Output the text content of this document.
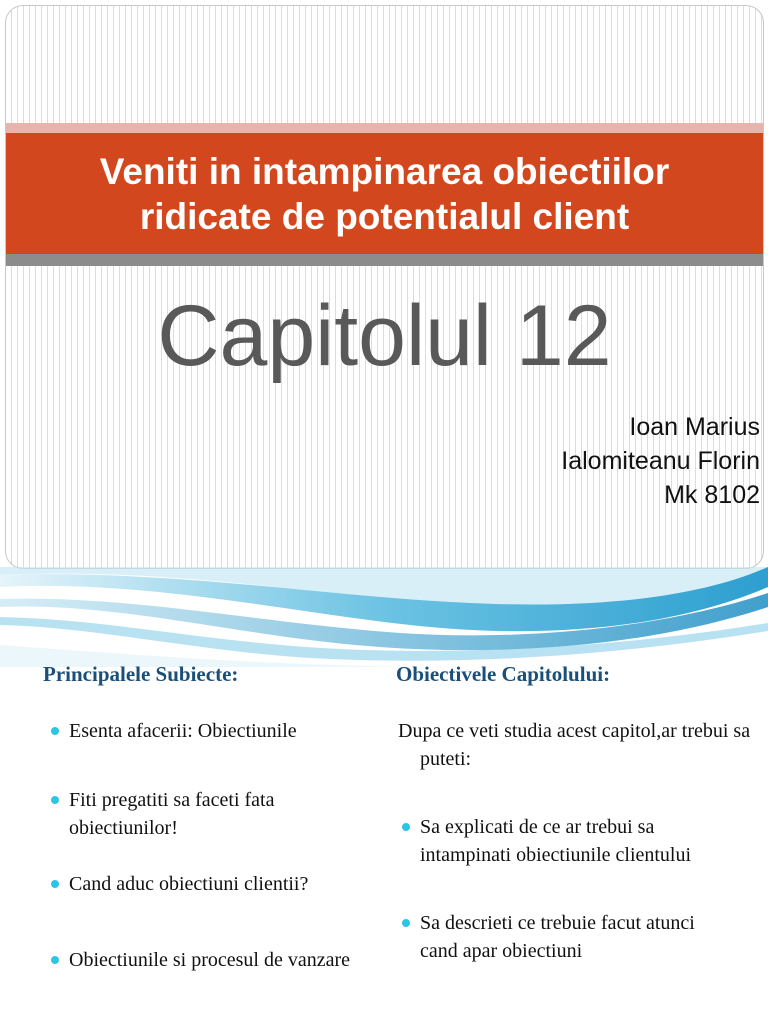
Veniti in intampinarea obiectiilor ridicate de potentialul client
Capitolul 12
Ioan Marius
Ialomiteanu Florin
Mk 8102
Principalele Subiecte:	Obiectivele Capitolului:
Esenta afacerii: Obiectiunile
Fiti pregatiti sa faceti fata obiectiunilor!
Cand aduc obiectiuni clientii?
Obiectiunile si procesul de vanzare
Dupa ce veti studia acest capitol,ar trebui sa puteti:
Sa explicati de ce ar trebui sa intampinati obiectiunile clientului
Sa descrieti ce trebuie facut atunci cand apar obiectiuni
